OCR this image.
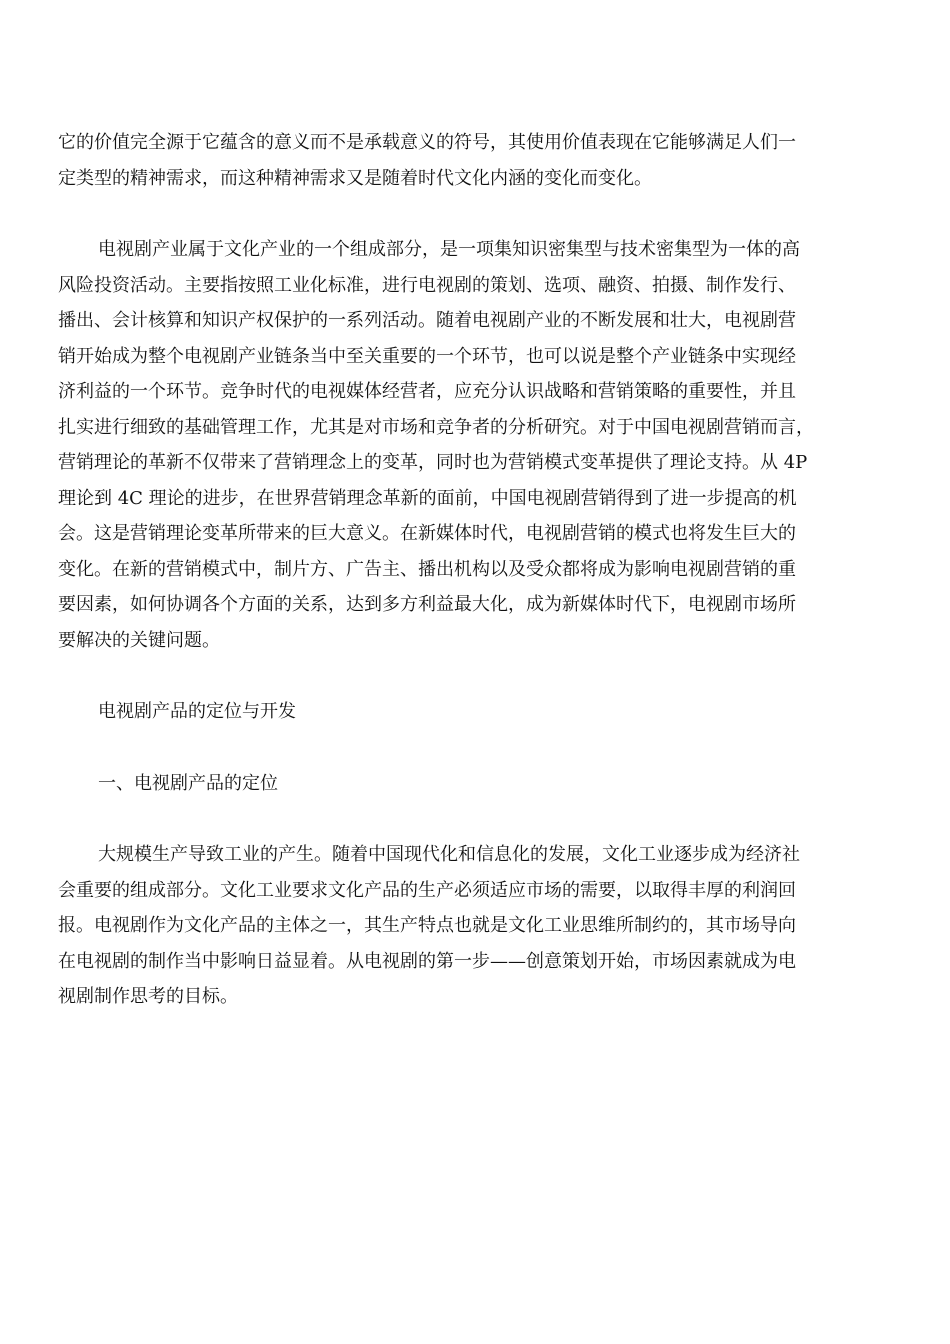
它的价值完全源于它蕴含的意义而不是承载意义的符号，其使用价值表现在它能够满足人们一
定类型的精神需求，而这种精神需求又是随着时代文化内涵的变化而变化。

电视剧产业属于文化产业的一个组成部分，是一项集知识密集型与技术密集型为一体的高
风险投资活动。主要指按照工业化标准，进行电视剧的策划、选项、融资、拍摄、制作发行、
播出、会计核算和知识产权保护的一系列活动。随着电视剧产业的不断发展和壮大，电视剧营
销开始成为整个电视剧产业链条当中至关重要的一个环节，也可以说是整个产业链条中实现经
济利益的一个环节。竞争时代的电视媒体经营者，应充分认识战略和营销策略的重要性，并且
扎实进行细致的基础管理工作，尤其是对市场和竞争者的分析研究。对于中国电视剧营销而言，
营销理论的革新不仅带来了营销理念上的变革，同时也为营销模式变革提供了理论支持。从 4P
理论到 4C 理论的进步，在世界营销理念革新的面前，中国电视剧营销得到了进一步提高的机
会。这是营销理论变革所带来的巨大意义。在新媒体时代，电视剧营销的模式也将发生巨大的
变化。在新的营销模式中，制片方、广告主、播出机构以及受众都将成为影响电视剧营销的重
要因素，如何协调各个方面的关系，达到多方利益最大化，成为新媒体时代下，电视剧市场所
要解决的关键问题。

电视剧产品的定位与开发

一、电视剧产品的定位

大规模生产导致工业的产生。随着中国现代化和信息化的发展，文化工业逐步成为经济社
会重要的组成部分。文化工业要求文化产品的生产必须适应市场的需要，以取得丰厚的利润回
报。电视剧作为文化产品的主体之一，其生产特点也就是文化工业思维所制约的，其市场导向
在电视剧的制作当中影响日益显着。从电视剧的第一步——创意策划开始，市场因素就成为电
视剧制作思考的目标。
